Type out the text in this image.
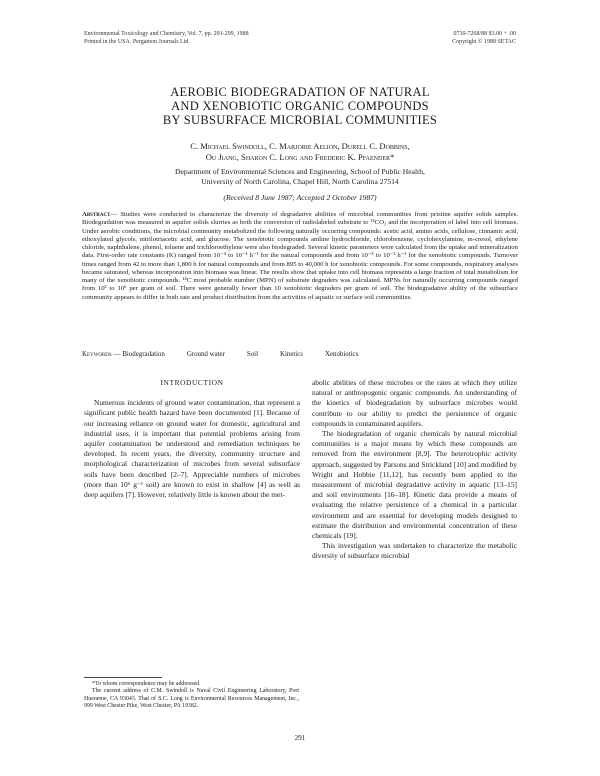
Environmental Toxicology and Chemistry, Vol. 7, pp. 291-299, 1988
Printed in the USA. Pergamon Journals Ltd.
0730-7268/88 $3.00 + .00
Copyright © 1988 SETAC
AEROBIC BIODEGRADATION OF NATURAL
AND XENOBIOTIC ORGANIC COMPOUNDS
BY SUBSURFACE MICROBIAL COMMUNITIES
C. Michael Swindoll, C. Marjorie Aelion, Durell C. Dobbins,
Ou Jiang, Sharon C. Long and Frederic K. Pfaender*
Department of Environmental Sciences and Engineering, School of Public Health,
University of North Carolina, Chapel Hill, North Carolina 27514
(Received 8 June 1987; Accepted 2 October 1987)
Abstract— Studies were conducted to characterize the diversity of degradative abilities of microbial communities from pristine aquifer solids samples. Biodegradation was measured in aquifer solids slurries as both the conversion of radiolabeled substrate to ¹⁴CO₂ and the incorporation of label into cell biomass. Under aerobic conditions, the microbial community metabolized the following naturally occurring compounds: acetic acid, amino acids, cellulose, cinnamic acid, ethoxylated glycols, nitrilotriacetic acid, and glucose. The xenobiotic compounds aniline hydrochloride, chlorobenzene, cyclohexylamine, m-cresol, ethylene chloride, naphthalene, phenol, toluene and trichloroethylene were also biodegraded. Several kinetic parameters were calculated from the uptake and mineralization data. First-order rate constants (K) ranged from 10⁻⁴ to 10⁻¹ h⁻¹ for the natural compounds and from 10⁻⁵ to 10⁻³ h⁻¹ for the xenobiotic compounds. Turnover times ranged from 42 to more than 1,800 h for natural compounds and from 895 to 40,000 h for xenobiotic compounds. For some compounds, respiratory analyses became saturated, whereas incorporation into biomass was linear. The results show that uptake into cell biomass represents a large fraction of total metabolism for many of the xenobiotic compounds. ¹⁴C most probable number (MPN) of substrate degraders was calculated. MPNs for naturally occurring compounds ranged from 10³ to 10⁶ per gram of soil. There were generally fewer than 10 xenobiotic degraders per gram of soil. The biodegradative ability of the subsurface community appears to differ in both rate and product distribution from the activities of aquatic or surface soil communities.
Keywords — Biodegradation	Ground water	Soil	Kinetics	Xenobiotics
INTRODUCTION

Numerous incidents of ground water contamination, that represent a significant public health hazard have been documented [1]. Because of our increasing reliance on ground water for domestic, agricultural and industrial uses, it is important that potential problems arising from aquifer contamination be understood and remediation techniques be developed. In recent years, the diversity, community structure and morphological characterization of microbes from several subsurface soils have been described [2–7]. Appreciable numbers of microbes (more than 10⁶ g⁻¹ soil) are known to exist in shallow [4] as well as deep aquifers [7]. However, relatively little is known about the met-

abolic abilities of these microbes or the rates at which they utilize natural or anthropogenic organic compounds. An understanding of the kinetics of biodegradation by subsurface microbes would contribute to our ability to predict the persistence of organic compounds in contaminated aquifers.

The biodegradation of organic chemicals by natural microbial communities is a major means by which these compounds are removed from the environment [8,9]. The heterotrophic activity approach, suggested by Parsons and Strickland [10] and modified by Wright and Hobbie [11,12], has recently been applied to the measurement of microbial degradative activity in aquatic [13–15] and soil environments [16–18]. Kinetic data provide a means of evaluating the relative persistence of a chemical in a particular environment and are essential for developing models designed to estimate the distribution and environmental concentration of these chemicals [19].

This investigation was undertaken to characterize the metabolic diversity of subsurface microbial

*To whom correspondence may be addressed.
The current address of C.M. Swindoll is Naval Civil Engineering Laboratory, Port Hueneme, CA 93043. That of S.C. Long is Environmental Resources Management, Inc., 999 West Chester Pike, West Chester, PA 19382.
291
